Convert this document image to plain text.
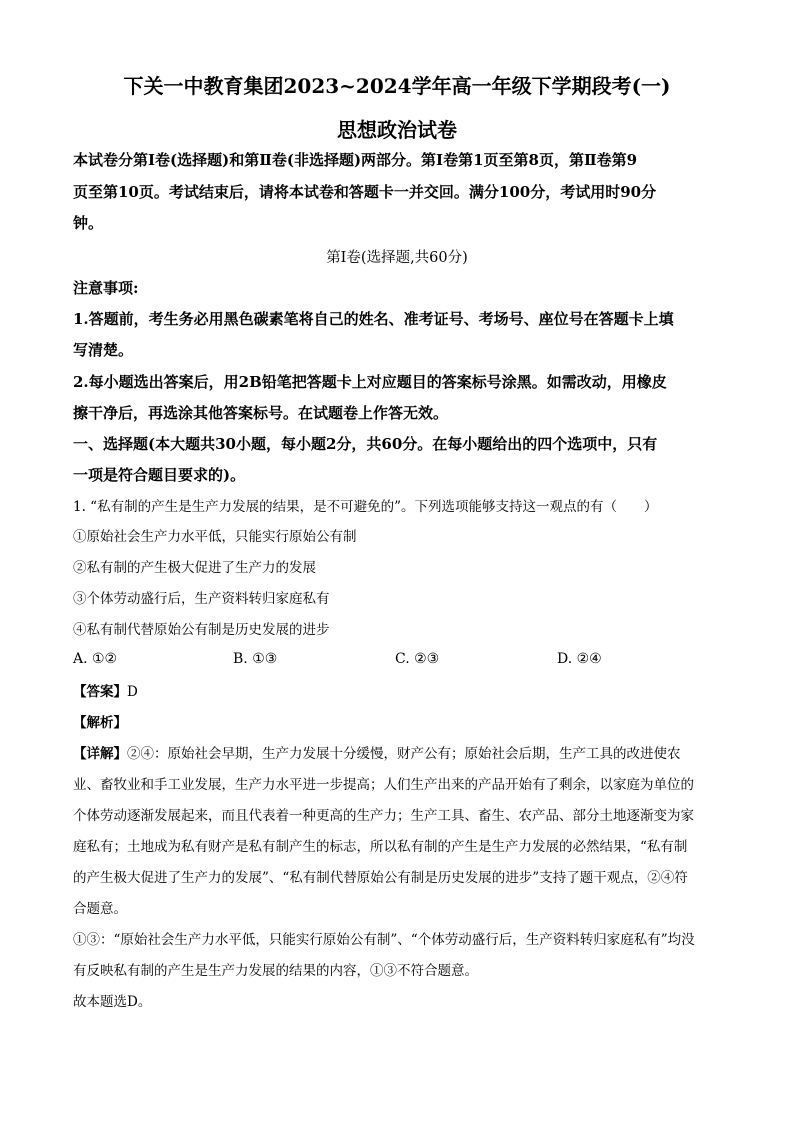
下关一中教育集团2023~2024学年高一年级下学期段考(一)
思想政治试卷
本试卷分第Ⅰ卷(选择题)和第Ⅱ卷(非选择题)两部分。第Ⅰ卷第1页至第8页，第Ⅱ卷第9
页至第10页。考试结束后，请将本试卷和答题卡一并交回。满分100分，考试用时90分
钟。
第Ⅰ卷(选择题,共60分)
注意事项:
1.答题前，考生务必用黑色碳素笔将自己的姓名、准考证号、考场号、座位号在答题卡上填
写清楚。
2.每小题选出答案后，用2B铅笔把答题卡上对应题目的答案标号涂黑。如需改动，用橡皮
擦干净后，再选涂其他答案标号。在试题卷上作答无效。
一、选择题(本大题共30小题，每小题2分，共60分。在每小题给出的四个选项中，只有
一项是符合题目要求的)。
1. “私有制的产生是生产力发展的结果，是不可避免的”。下列选项能够支持这一观点的有（　　）
①原始社会生产力水平低，只能实行原始公有制
②私有制的产生极大促进了生产力的发展
③个体劳动盛行后，生产资料转归家庭私有
④私有制代替原始公有制是历史发展的进步
A. ①②	B. ①③	C. ②③	D. ②④
【答案】D
【解析】
【详解】②④：原始社会早期，生产力发展十分缓慢，财产公有；原始社会后期，生产工具的改进使农
业、畜牧业和手工业发展，生产力水平进一步提高；人们生产出来的产品开始有了剩余，以家庭为单位的
个体劳动逐渐发展起来，而且代表着一种更高的生产力；生产工具、畜生、农产品、部分土地逐渐变为家
庭私有；土地成为私有财产是私有制产生的标志，所以私有制的产生是生产力发展的必然结果，“私有制
的产生极大促进了生产力的发展”、“私有制代替原始公有制是历史发展的进步”支持了题干观点，②④符
合题意。
①③：“原始社会生产力水平低，只能实行原始公有制”、“个体劳动盛行后，生产资料转归家庭私有”均没
有反映私有制的产生是生产力发展的结果的内容，①③不符合题意。
故本题选D。
